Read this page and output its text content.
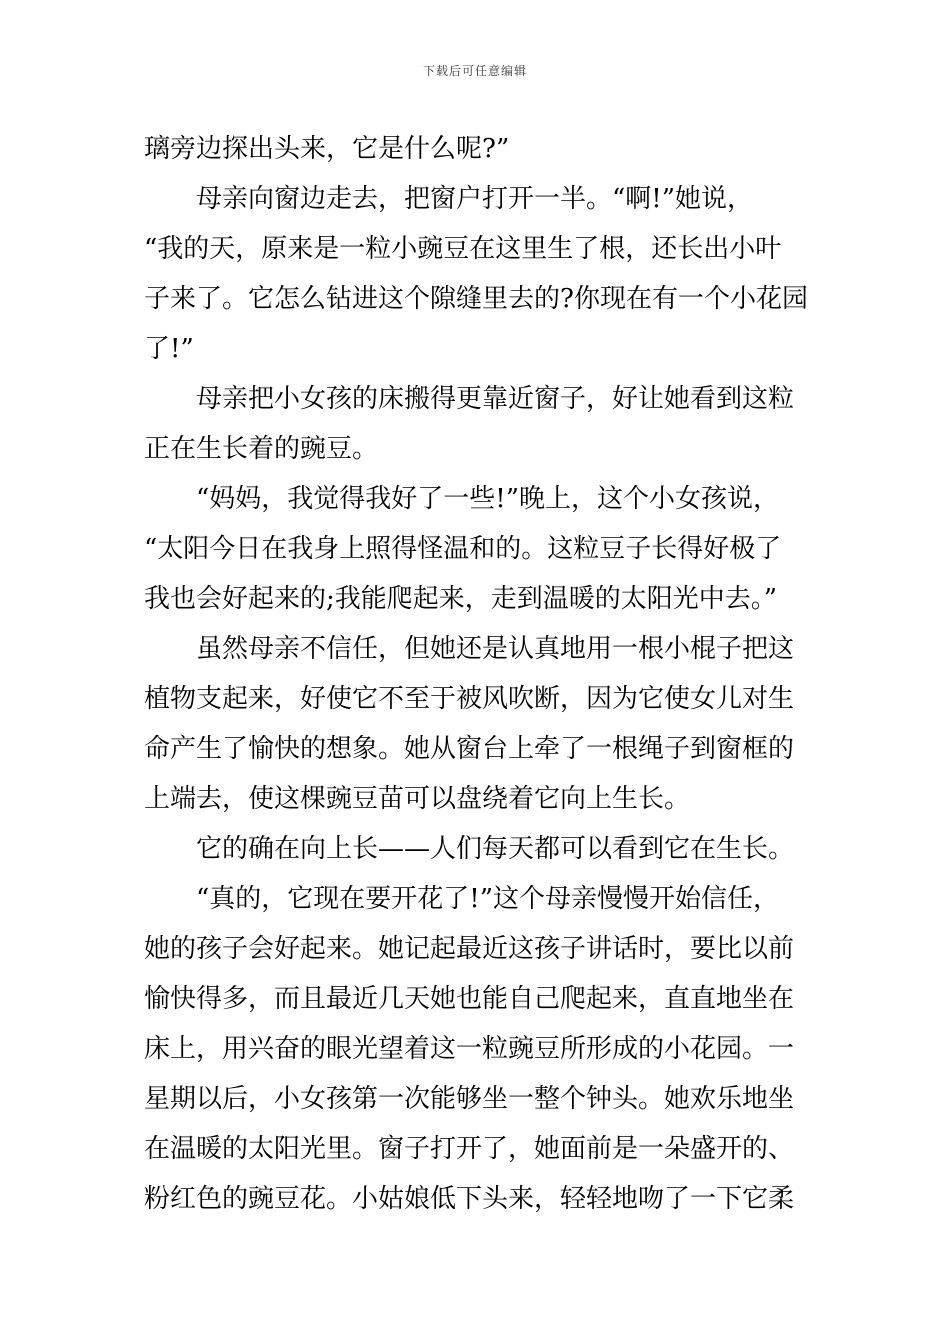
下载后可任意编辑
璃旁边探出头来，它是什么呢?”
母亲向窗边走去，把窗户打开一半。“啊!”她说，
“我的天，原来是一粒小豌豆在这里生了根，还长出小叶
子来了。它怎么钻进这个隙缝里去的?你现在有一个小花园
了!”
母亲把小女孩的床搬得更靠近窗子，好让她看到这粒
正在生长着的豌豆。
“妈妈，我觉得我好了一些!”晚上，这个小女孩说，
“太阳今日在我身上照得怪温和的。这粒豆子长得好极了
我也会好起来的;我能爬起来，走到温暖的太阳光中去。”
虽然母亲不信任，但她还是认真地用一根小棍子把这
植物支起来，好使它不至于被风吹断，因为它使女儿对生
命产生了愉快的想象。她从窗台上牵了一根绳子到窗框的
上端去，使这棵豌豆苗可以盘绕着它向上生长。
它的确在向上长——人们每天都可以看到它在生长。
“真的，它现在要开花了!”这个母亲慢慢开始信任，
她的孩子会好起来。她记起最近这孩子讲话时，要比以前
愉快得多，而且最近几天她也能自己爬起来，直直地坐在
床上，用兴奋的眼光望着这一粒豌豆所形成的小花园。一
星期以后，小女孩第一次能够坐一整个钟头。她欢乐地坐
在温暖的太阳光里。窗子打开了，她面前是一朵盛开的、
粉红色的豌豆花。小姑娘低下头来，轻轻地吻了一下它柔
